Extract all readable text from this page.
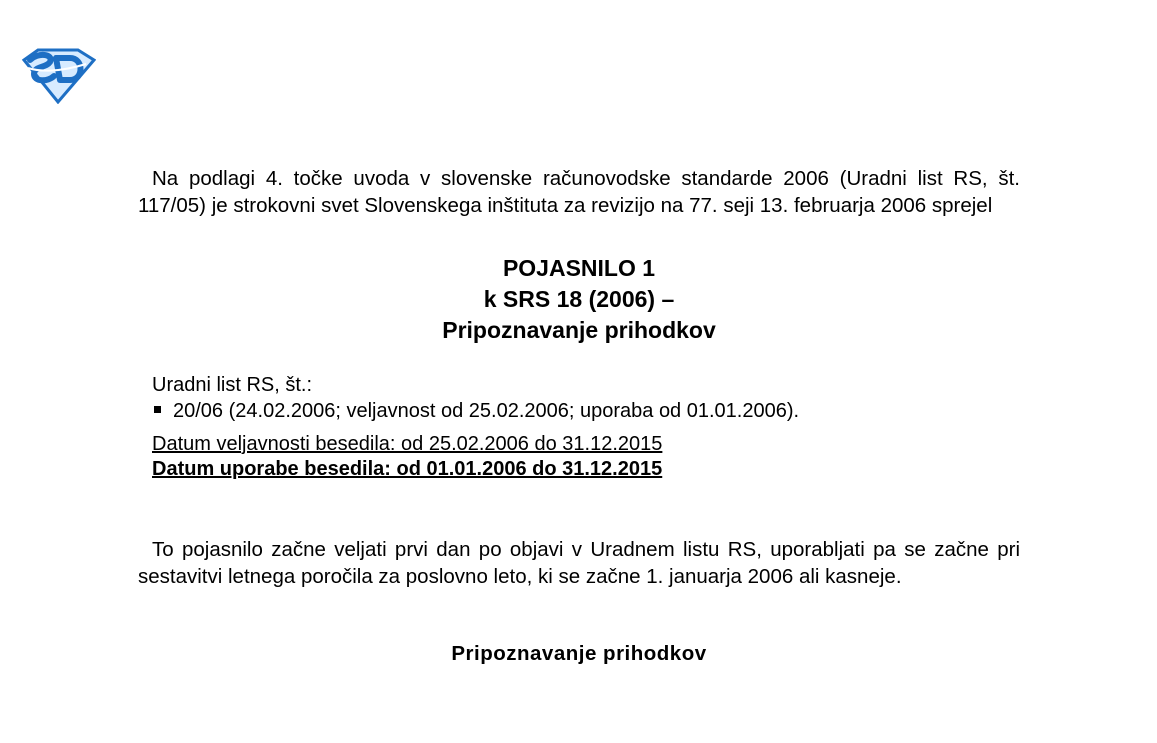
Na podlagi 4. točke uvoda v slovenske računovodske standarde 2006 (Uradni list RS, št. 117/05) je strokovni svet Slovenskega inštituta za revizijo na 77. seji 13. februarja 2006 sprejel

POJASNILO 1
k SRS 18 (2006) –
Pripoznavanje prihodkov
Uradni list RS, št.:
20/06 (24.02.2006; veljavnost od 25.02.2006; uporaba od 01.01.2006).
Datum veljavnosti besedila: od 25.02.2006 do 31.12.2015
Datum uporabe besedila: od 01.01.2006 do 31.12.2015

To pojasnilo začne veljati prvi dan po objavi v Uradnem listu RS, uporabljati pa se začne pri sestavitvi letnega poročila za poslovno leto, ki se začne 1. januarja 2006 ali kasneje.

Pripoznavanje prihodkov
